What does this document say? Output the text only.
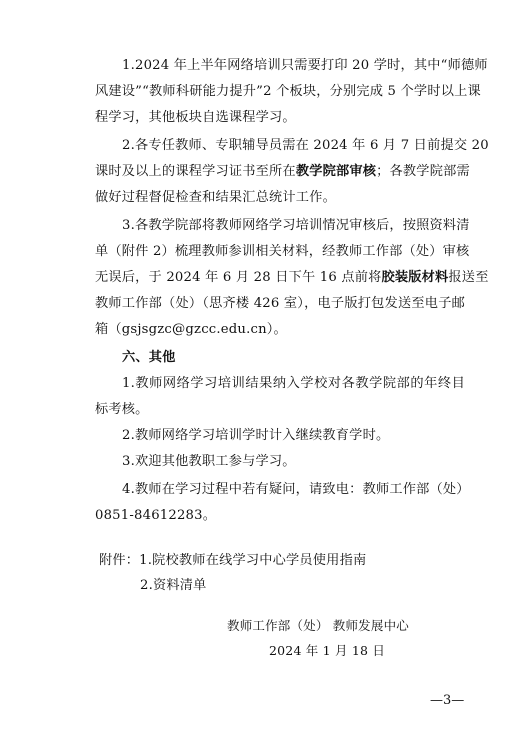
1.2024 年上半年网络培训只需要打印 20 学时，其中“师德师
风建设”“教师科研能力提升”2 个板块，分别完成 5 个学时以上课
程学习，其他板块自选课程学习。
2.各专任教师、专职辅导员需在 2024 年 6 月 7 日前提交 20
课时及以上的课程学习证书至所在教学院部审核；各教学院部需
做好过程督促检查和结果汇总统计工作。
3.各教学院部将教师网络学习培训情况审核后，按照资料清
单（附件 2）梳理教师参训相关材料，经教师工作部（处）审核
无误后，于 2024 年 6 月 28 日下午 16 点前将胶装版材料报送至
教师工作部（处）（思齐楼 426 室），电子版打包发送至电子邮
箱（gsjsgzc@gzcc.edu.cn）。
六、其他
1.教师网络学习培训结果纳入学校对各教学院部的年终目
标考核。
2.教师网络学习培训学时计入继续教育学时。
3.欢迎其他教职工参与学习。
4.教师在学习过程中若有疑问，请致电：教师工作部（处）
0851-84612283。
附件：1.院校教师在线学习中心学员使用指南
2.资料清单
教师工作部（处） 教师发展中心
2024 年 1 月 18 日
—3—
